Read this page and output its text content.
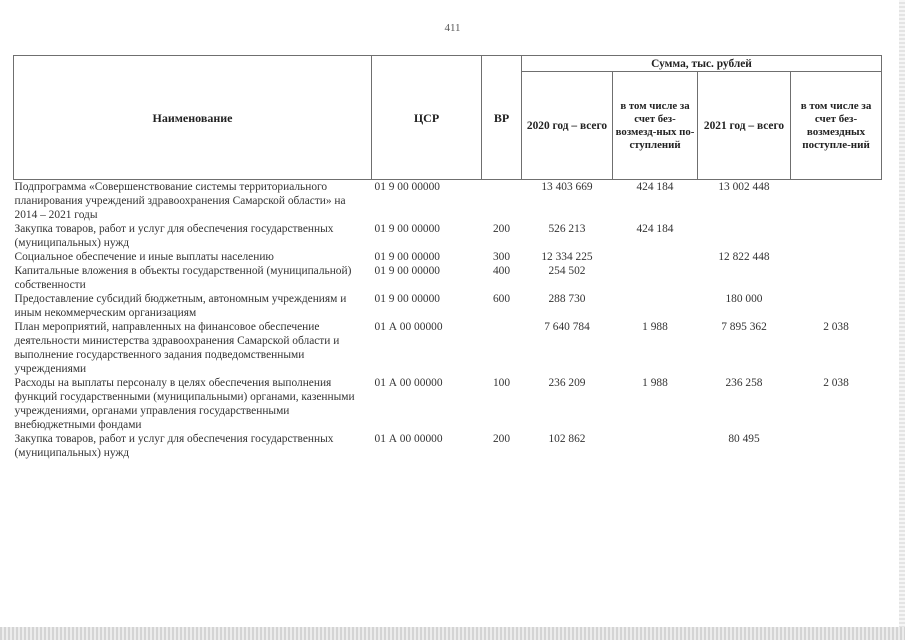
411
Наименование	ЦСР	ВР	Сумма, тыс. рублей			
			2020 год – всего	в том числе за счет без-возмезд-ных по-ступлений	2021 год – всего	в том числе за счет без-возмездных поступле-ний
Подпрограмма «Совершенствование системы территориального планирования учреждений здравоохранения Самарской области» на 2014 – 2021 годы	01 9 00 00000		13 403 669	424 184	13 002 448	
Закупка товаров, работ и услуг для обеспечения государственных (муниципальных) нужд	01 9 00 00000	200	526 213	424 184		
Социальное обеспечение и иные выплаты населению	01 9 00 00000	300	12 334 225		12 822 448	
Капитальные вложения в объекты государственной (муниципальной) собственности	01 9 00 00000	400	254 502			
Предоставление субсидий бюджетным, автономным учреждениям и иным некоммерческим организациям	01 9 00 00000	600	288 730		180 000	
План мероприятий, направленных на финансовое обеспечение деятельности министерства здравоохранения Самарской области и выполнение государственного задания подведомственными учреждениями	01 А 00 00000		7 640 784	1 988	7 895 362	2 038
Расходы на выплаты персоналу в целях обеспечения выполнения функций государственными (муниципальными) органами, казенными учреждениями, органами управления государственными внебюджетными фондами	01 А 00 00000	100	236 209	1 988	236 258	2 038
Закупка товаров, работ и услуг для обеспечения государственных (муниципальных) нужд	01 А 00 00000	200	102 862		80 495	
